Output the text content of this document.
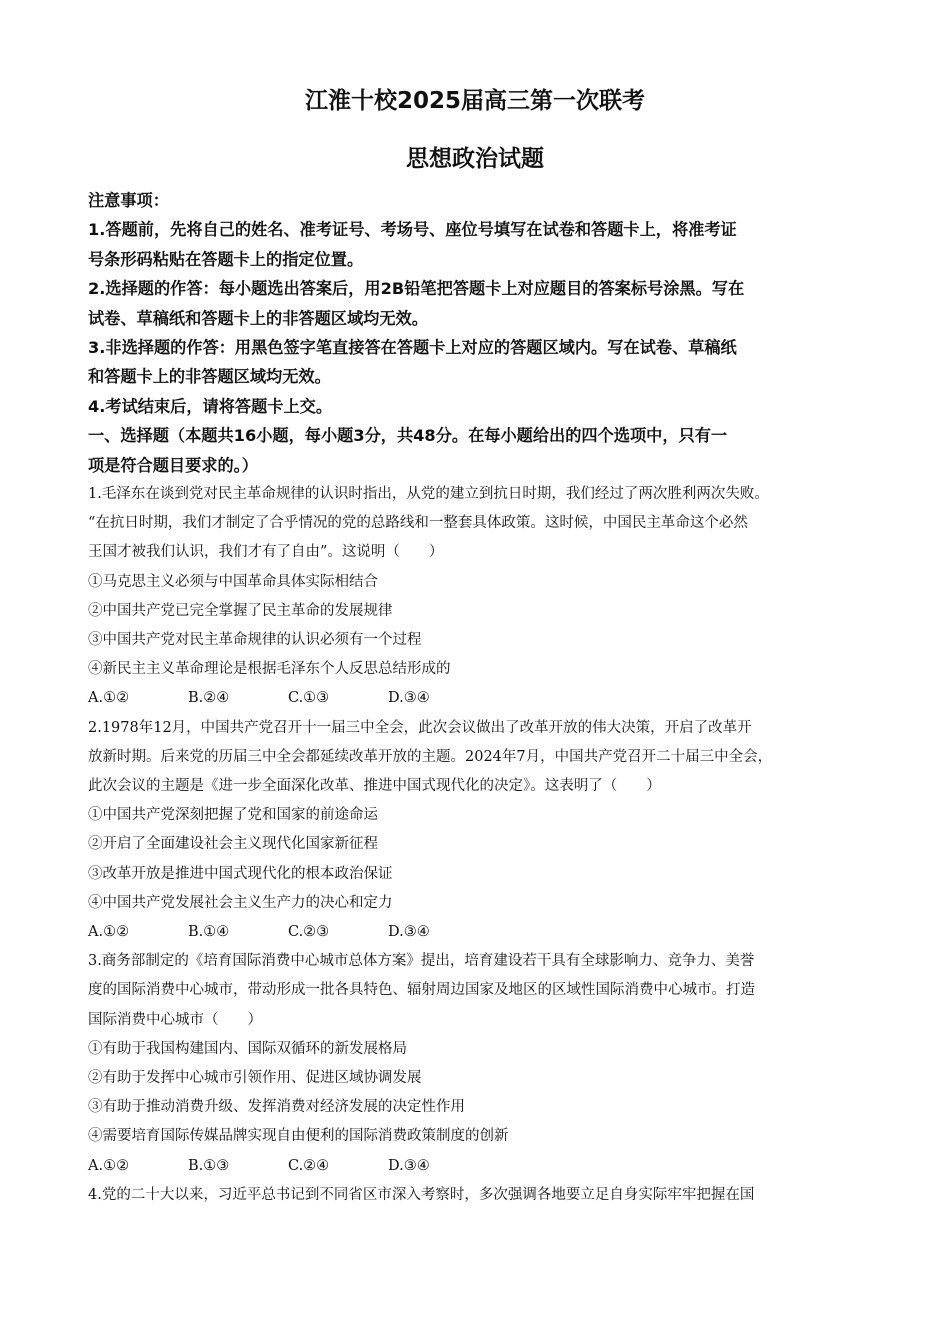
江淮十校2025届高三第一次联考
思想政治试题
注意事项：
1.答题前，先将自己的姓名、准考证号、考场号、座位号填写在试卷和答题卡上，将准考证
号条形码粘贴在答题卡上的指定位置。
2.选择题的作答：每小题选出答案后，用2B铅笔把答题卡上对应题目的答案标号涂黑。写在
试卷、草稿纸和答题卡上的非答题区域均无效。
3.非选择题的作答：用黑色签字笔直接答在答题卡上对应的答题区域内。写在试卷、草稿纸
和答题卡上的非答题区域均无效。
4.考试结束后，请将答题卡上交。
一、选择题（本题共16小题，每小题3分，共48分。在每小题给出的四个选项中，只有一
项是符合题目要求的。）
1.毛泽东在谈到党对民主革命规律的认识时指出，从党的建立到抗日时期，我们经过了两次胜利两次失败。
“在抗日时期，我们才制定了合乎情况的党的总路线和一整套具体政策。这时候，中国民主革命这个必然
王国才被我们认识，我们才有了自由”。这说明（　　）
①马克思主义必须与中国革命具体实际相结合
②中国共产党已完全掌握了民主革命的发展规律
③中国共产党对民主革命规律的认识必须有一个过程
④新民主主义革命理论是根据毛泽东个人反思总结形成的
A.①②	B.②④	C.①③	D.③④
2.1978年12月，中国共产党召开十一届三中全会，此次会议做出了改革开放的伟大决策，开启了改革开
放新时期。后来党的历届三中全会都延续改革开放的主题。2024年7月，中国共产党召开二十届三中全会，
此次会议的主题是《进一步全面深化改革、推进中国式现代化的决定》。这表明了（　　）
①中国共产党深刻把握了党和国家的前途命运
②开启了全面建设社会主义现代化国家新征程
③改革开放是推进中国式现代化的根本政治保证
④中国共产党发展社会主义生产力的决心和定力
A.①②	B.①④	C.②③	D.③④
3.商务部制定的《培育国际消费中心城市总体方案》提出，培育建设若干具有全球影响力、竞争力、美誉
度的国际消费中心城市，带动形成一批各具特色、辐射周边国家及地区的区域性国际消费中心城市。打造
国际消费中心城市（　　）
①有助于我国构建国内、国际双循环的新发展格局
②有助于发挥中心城市引领作用、促进区域协调发展
③有助于推动消费升级、发挥消费对经济发展的决定性作用
④需要培育国际传媒品牌实现自由便利的国际消费政策制度的创新
A.①②	B.①③	C.②④	D.③④
4.党的二十大以来，习近平总书记到不同省区市深入考察时，多次强调各地要立足自身实际牢牢把握在国
